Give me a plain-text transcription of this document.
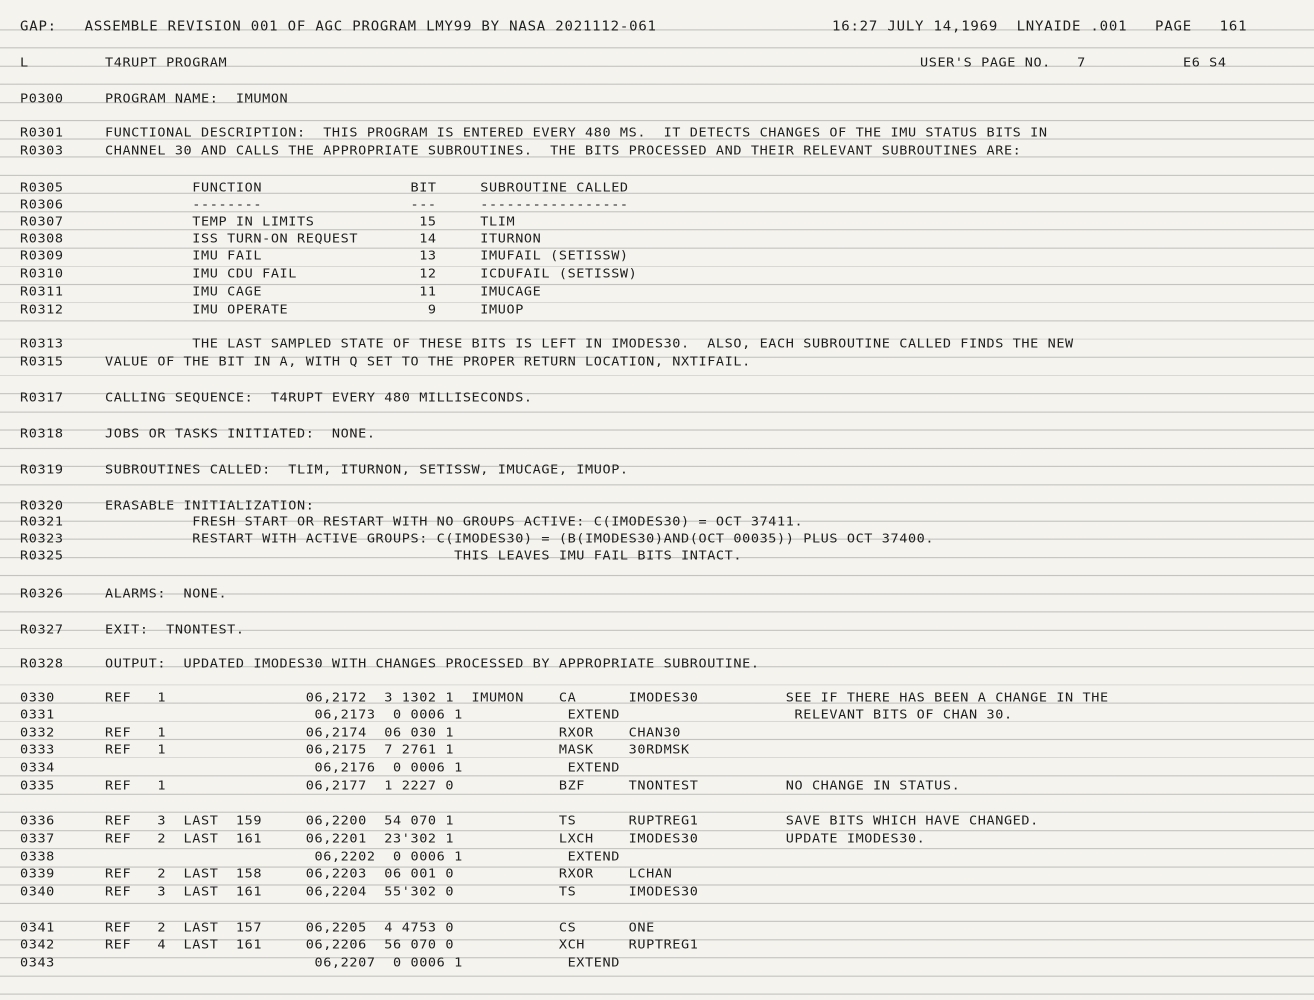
GAP:   ASSEMBLE REVISION 001 OF AGC PROGRAM LMY99 BY NASA 2021112-061	16:27 JULY 14,1969  LNYAIDE .001   PAGE   161
L	T4RUPT PROGRAM	USER'S PAGE NO.   7	E6 S4
P0300	PROGRAM NAME:  IMUMON
R0301	FUNCTIONAL DESCRIPTION:  THIS PROGRAM IS ENTERED EVERY 480 MS.  IT DETECTS CHANGES OF THE IMU STATUS BITS IN
R0303	CHANNEL 30 AND CALLS THE APPROPRIATE SUBROUTINES.  THE BITS PROCESSED AND THEIR RELEVANT SUBROUTINES ARE:
R0305	FUNCTION                 BIT     SUBROUTINE CALLED
R0306	--------                 ---     -----------------
R0307	TEMP IN LIMITS            15     TLIM
R0308	ISS TURN-ON REQUEST       14     ITURNON
R0309	IMU FAIL                  13     IMUFAIL (SETISSW)
R0310	IMU CDU FAIL              12     ICDUFAIL (SETISSW)
R0311	IMU CAGE                  11     IMUCAGE
R0312	IMU OPERATE                9     IMUOP
R0313	THE LAST SAMPLED STATE OF THESE BITS IS LEFT IN IMODES30.  ALSO, EACH SUBROUTINE CALLED FINDS THE NEW
R0315	VALUE OF THE BIT IN A, WITH Q SET TO THE PROPER RETURN LOCATION, NXTIFAIL.
R0317	CALLING SEQUENCE:  T4RUPT EVERY 480 MILLISECONDS.
R0318	JOBS OR TASKS INITIATED:  NONE.
R0319	SUBROUTINES CALLED:  TLIM, ITURNON, SETISSW, IMUCAGE, IMUOP.
R0320	ERASABLE INITIALIZATION:
R0321	FRESH START OR RESTART WITH NO GROUPS ACTIVE: C(IMODES30) = OCT 37411.
R0323	RESTART WITH ACTIVE GROUPS: C(IMODES30) = (B(IMODES30)AND(OCT 00035)) PLUS OCT 37400.
R0325	THIS LEAVES IMU FAIL BITS INTACT.
R0326	ALARMS:  NONE.
R0327	EXIT:  TNONTEST.
R0328	OUTPUT:  UPDATED IMODES30 WITH CHANGES PROCESSED BY APPROPRIATE SUBROUTINE.
0330	REF   1                06,2172  3 1302 1  IMUMON    CA      IMODES30          SEE IF THERE HAS BEEN A CHANGE IN THE
0331	06,2173  0 0006 1            EXTEND                    RELEVANT BITS OF CHAN 30.
0332	REF   1                06,2174  06 030 1            RXOR    CHAN30
0333	REF   1                06,2175  7 2761 1            MASK    30RDMSK
0334	06,2176  0 0006 1            EXTEND
0335	REF   1                06,2177  1 2227 0            BZF     TNONTEST          NO CHANGE IN STATUS.
0336	REF   3  LAST  159     06,2200  54 070 1            TS      RUPTREG1          SAVE BITS WHICH HAVE CHANGED.
0337	REF   2  LAST  161     06,2201  23'302 1            LXCH    IMODES30          UPDATE IMODES30.
0338	06,2202  0 0006 1            EXTEND
0339	REF   2  LAST  158     06,2203  06 001 0            RXOR    LCHAN
0340	REF   3  LAST  161     06,2204  55'302 0            TS      IMODES30
0341	REF   2  LAST  157     06,2205  4 4753 0            CS      ONE
0342	REF   4  LAST  161     06,2206  56 070 0            XCH     RUPTREG1
0343	06,2207  0 0006 1            EXTEND
